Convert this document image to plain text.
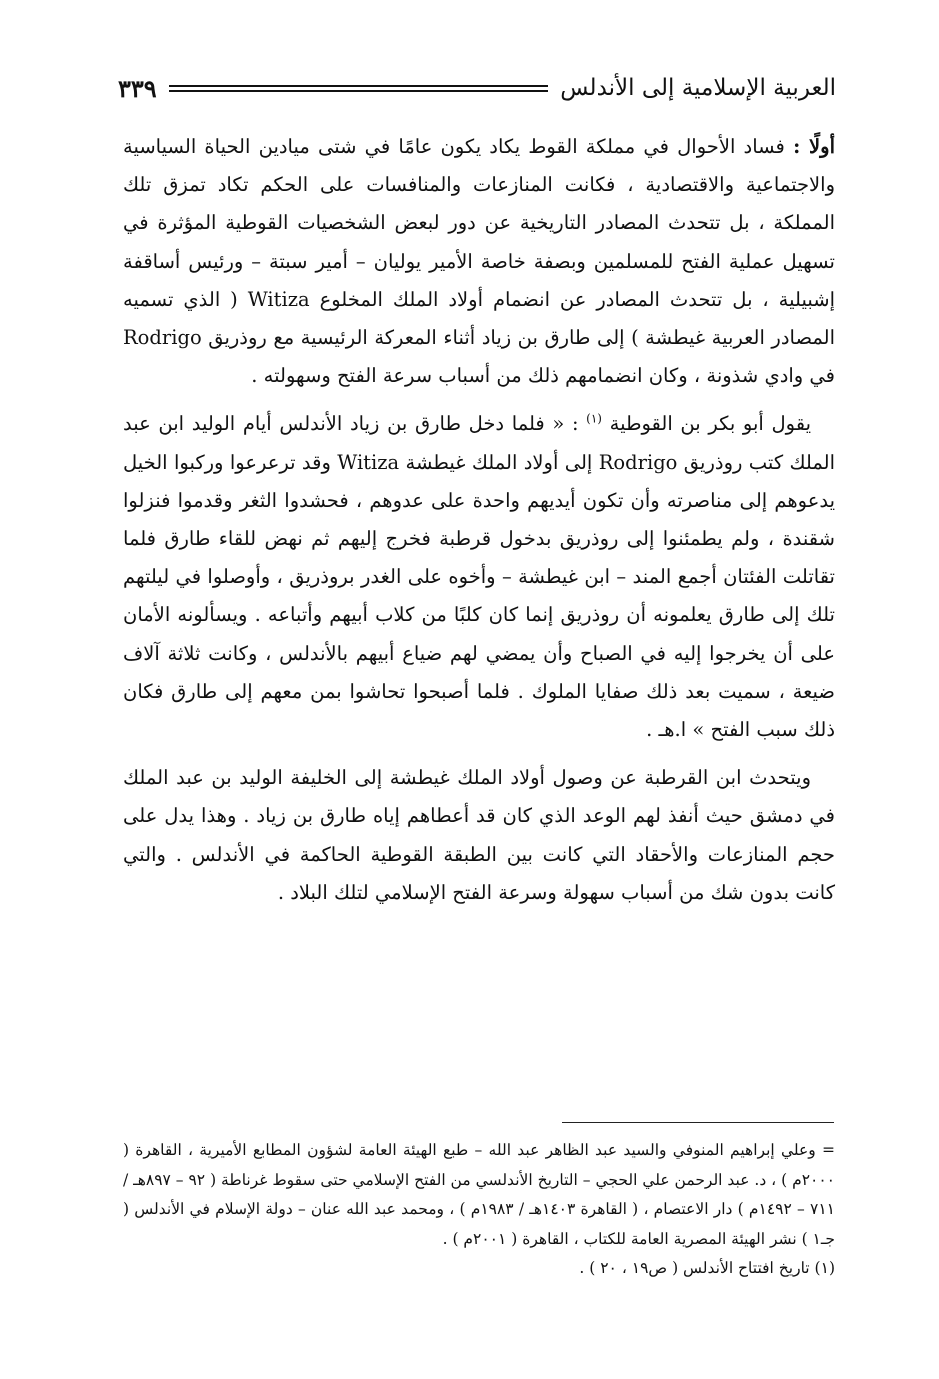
٣٣٩	العربية الإسلامية إلى الأندلس

أولًا : فساد الأحوال في مملكة القوط يكاد يكون عامًا في شتى ميادين الحياة السياسية والاجتماعية والاقتصادية ، فكانت المنازعات والمنافسات على الحكم تكاد تمزق تلك المملكة ، بل تتحدث المصادر التاريخية عن دور لبعض الشخصيات القوطية المؤثرة في تسهيل عملية الفتح للمسلمين وبصفة خاصة الأمير يوليان – أمير سبتة – ورئيس أساقفة إشبيلية ، بل تتحدث المصادر عن انضمام أولاد الملك المخلوع Witiza ( الذي تسميه المصادر العربية غيطشة ) إلى طارق بن زياد أثناء المعركة الرئيسية مع روذريق Rodrigo في وادي شذونة ، وكان انضمامهم ذلك من أسباب سرعة الفتح وسهولته .

يقول أبو بكر بن القوطية $^{(١)}$ : « فلما دخل طارق بن زياد الأندلس أيام الوليد ابن عبد الملك كتب روذريق Rodrigo إلى أولاد الملك غيطشة Witiza وقد ترعرعوا وركبوا الخيل يدعوهم إلى مناصرته وأن تكون أيديهم واحدة على عدوهم ، فحشدوا الثغر وقدموا فنزلوا شقندة ، ولم يطمئنوا إلى روذريق بدخول قرطبة فخرج إليهم ثم نهض للقاء طارق فلما تقاتلت الفئتان أجمع المند – ابن غيطشة – وأخوه على الغدر بروذريق ، وأوصلوا في ليلتهم تلك إلى طارق يعلمونه أن روذريق إنما كان كلبًا من كلاب أبيهم وأتباعه . ويسألونه الأمان على أن يخرجوا إليه في الصباح وأن يمضي لهم ضياع أبيهم بالأندلس ، وكانت ثلاثة آلاف ضيعة ، سميت بعد ذلك صفايا الملوك . فلما أصبحوا تحاشوا بمن معهم إلى طارق فكان ذلك سبب الفتح » ا.هـ .

ويتحدث ابن القرطبة عن وصول أولاد الملك غيطشة إلى الخليفة الوليد بن عبد الملك في دمشق حيث أنفذ لهم الوعد الذي كان قد أعطاهم إياه طارق بن زياد . وهذا يدل على حجم المنازعات والأحقاد التي كانت بين الطبقة القوطية الحاكمة في الأندلس . والتي كانت بدون شك من أسباب سهولة وسرعة الفتح الإسلامي لتلك البلاد .

= وعلي إبراهيم المنوفي والسيد عبد الظاهر عبد الله – طبع الهيئة العامة لشؤون المطابع الأميرية ، القاهرة ( ٢٠٠٠م ) ، د. عبد الرحمن علي الحجي – التاريخ الأندلسي من الفتح الإسلامي حتى سقوط غرناطة ( ٩٢ – ٨٩٧هـ / ٧١١ – ١٤٩٢م ) دار الاعتصام ، ( القاهرة ١٤٠٣هـ / ١٩٨٣م ) ، ومحمد عبد الله عنان – دولة الإسلام في الأندلس ( جـ١ ) نشر الهيئة المصرية العامة للكتاب ، القاهرة ( ٢٠٠١م ) .

(١) تاريخ افتتاح الأندلس ( ص١٩ ، ٢٠ ) .
